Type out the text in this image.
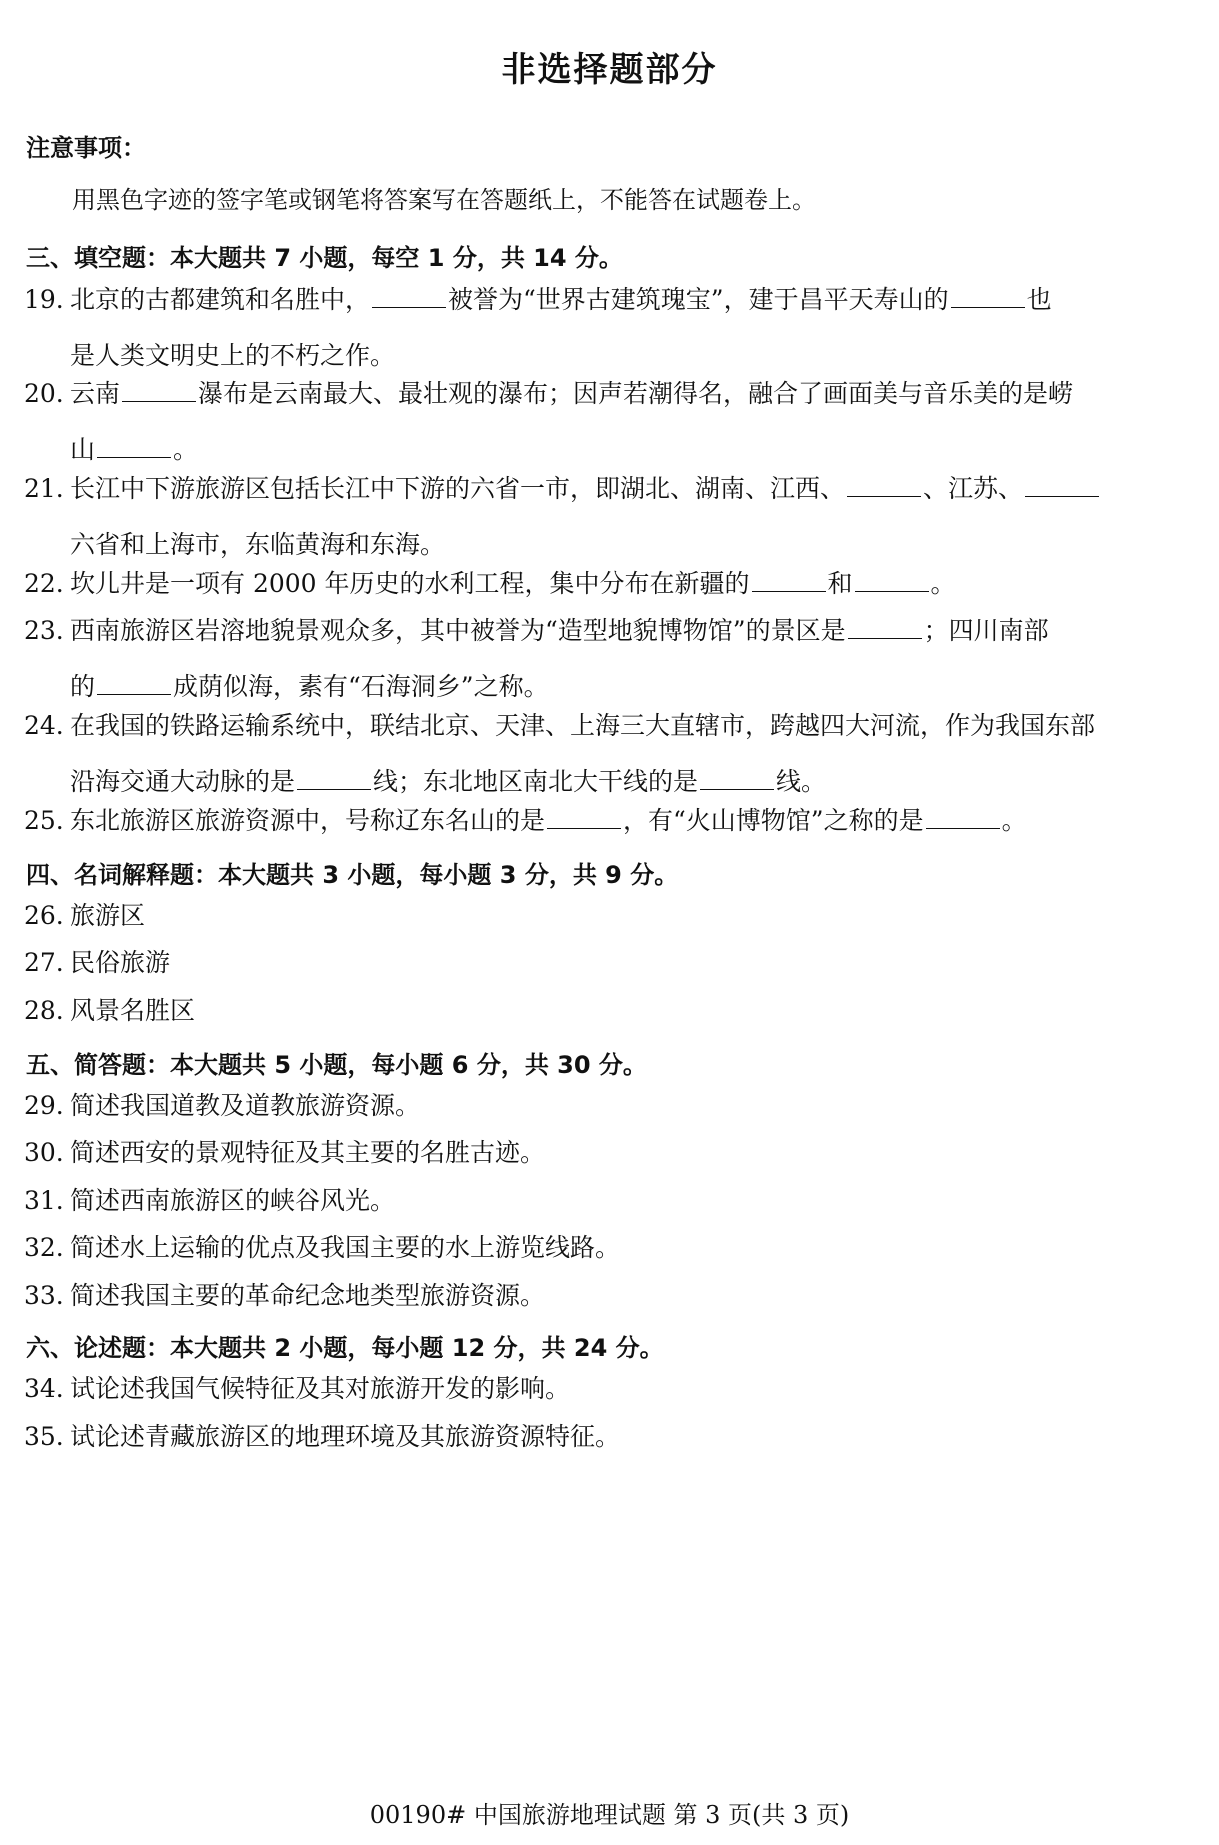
非选择题部分
注意事项：
用黑色字迹的签字笔或钢笔将答案写在答题纸上，不能答在试题卷上。
三、填空题：本大题共 7 小题，每空 1 分，共 14 分。
19. 北京的古都建筑和名胜中，	被誉为“世界古建筑瑰宝”，建于昌平天寿山的	也
是人类文明史上的不朽之作。
20. 云南	瀑布是云南最大、最壮观的瀑布；因声若潮得名，融合了画面美与音乐美的是崂
山	。
21. 长江中下游旅游区包括长江中下游的六省一市，即湖北、湖南、江西、	、江苏、
六省和上海市，东临黄海和东海。
22. 坎儿井是一项有 2000 年历史的水利工程，集中分布在新疆的	和	。
23. 西南旅游区岩溶地貌景观众多，其中被誉为“造型地貌博物馆”的景区是	；四川南部
的	成荫似海，素有“石海洞乡”之称。
24. 在我国的铁路运输系统中，联结北京、天津、上海三大直辖市，跨越四大河流，作为我国东部
沿海交通大动脉的是	线；东北地区南北大干线的是	线。
25. 东北旅游区旅游资源中，号称辽东名山的是	，有“火山博物馆”之称的是	。
四、名词解释题：本大题共 3 小题，每小题 3 分，共 9 分。
26. 旅游区
27. 民俗旅游
28. 风景名胜区
五、简答题：本大题共 5 小题，每小题 6 分，共 30 分。
29. 简述我国道教及道教旅游资源。
30. 简述西安的景观特征及其主要的名胜古迹。
31. 简述西南旅游区的峡谷风光。
32. 简述水上运输的优点及我国主要的水上游览线路。
33. 简述我国主要的革命纪念地类型旅游资源。
六、论述题：本大题共 2 小题，每小题 12 分，共 24 分。
34. 试论述我国气候特征及其对旅游开发的影响。
35. 试论述青藏旅游区的地理环境及其旅游资源特征。
00190# 中国旅游地理试题 第 3 页(共 3 页)
